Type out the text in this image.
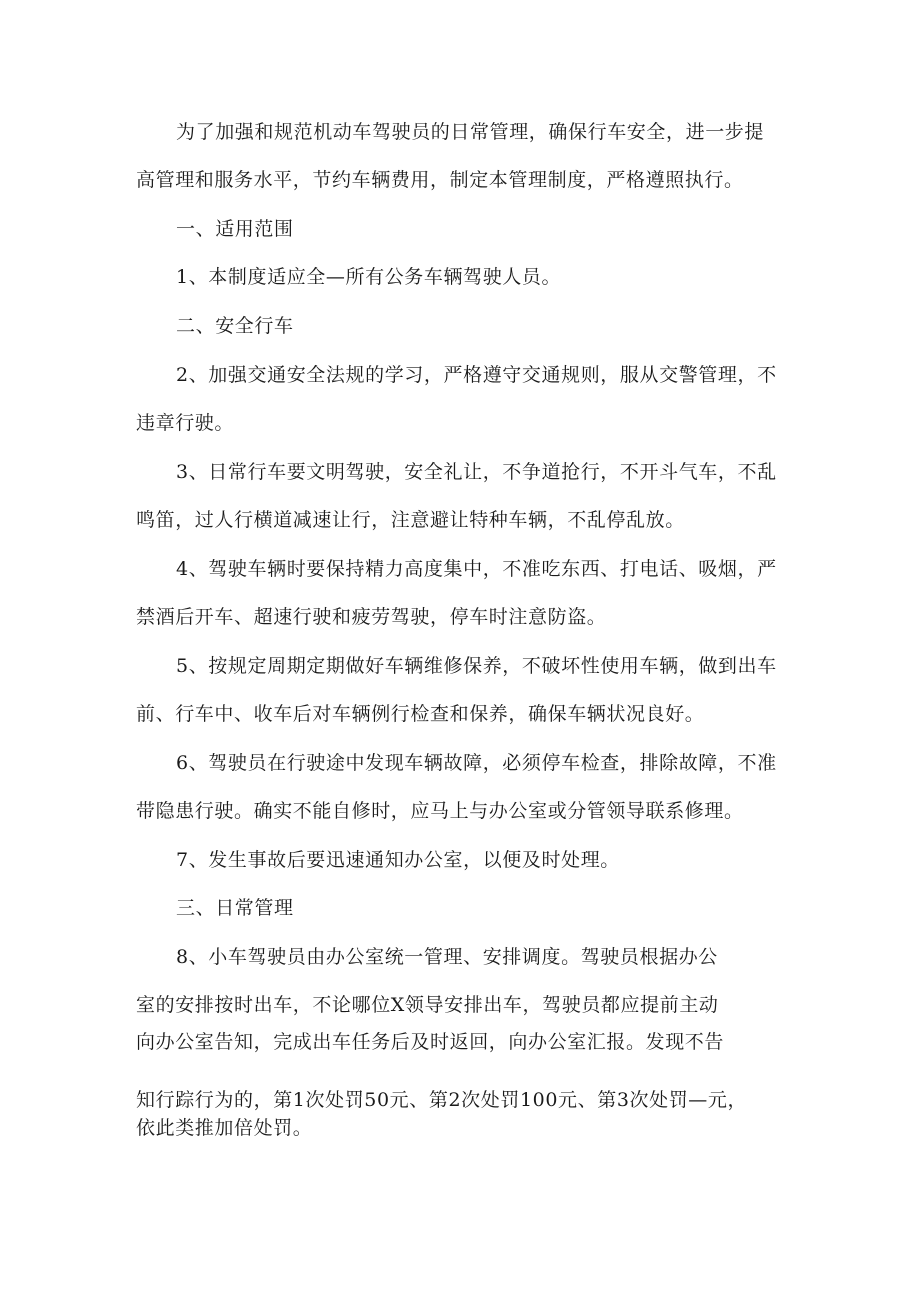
为了加强和规范机动车驾驶员的日常管理，确保行车安全，进一步提
高管理和服务水平，节约车辆费用，制定本管理制度，严格遵照执行。
一、适用范围
1、本制度适应全—所有公务车辆驾驶人员。
二、安全行车
2、加强交通安全法规的学习，严格遵守交通规则，服从交警管理，不
违章行驶。
3、日常行车要文明驾驶，安全礼让，不争道抢行，不开斗气车，不乱
鸣笛，过人行横道减速让行，注意避让特种车辆，不乱停乱放。
4、驾驶车辆时要保持精力高度集中，不准吃东西、打电话、吸烟，严
禁酒后开车、超速行驶和疲劳驾驶，停车时注意防盗。
5、按规定周期定期做好车辆维修保养，不破坏性使用车辆，做到出车
前、行车中、收车后对车辆例行检查和保养，确保车辆状况良好。
6、驾驶员在行驶途中发现车辆故障，必须停车检查，排除故障，不准
带隐患行驶。确实不能自修时，应马上与办公室或分管领导联系修理。
7、发生事故后要迅速通知办公室，以便及时处理。
三、日常管理
8、小车驾驶员由办公室统一管理、安排调度。驾驶员根据办公
室的安排按时出车，不论哪位X领导安排出车，驾驶员都应提前主动
向办公室告知，完成出车任务后及时返回，向办公室汇报。发现不告
知行踪行为的，第1次处罚50元、第2次处罚100元、第3次处罚—元，
依此类推加倍处罚。
